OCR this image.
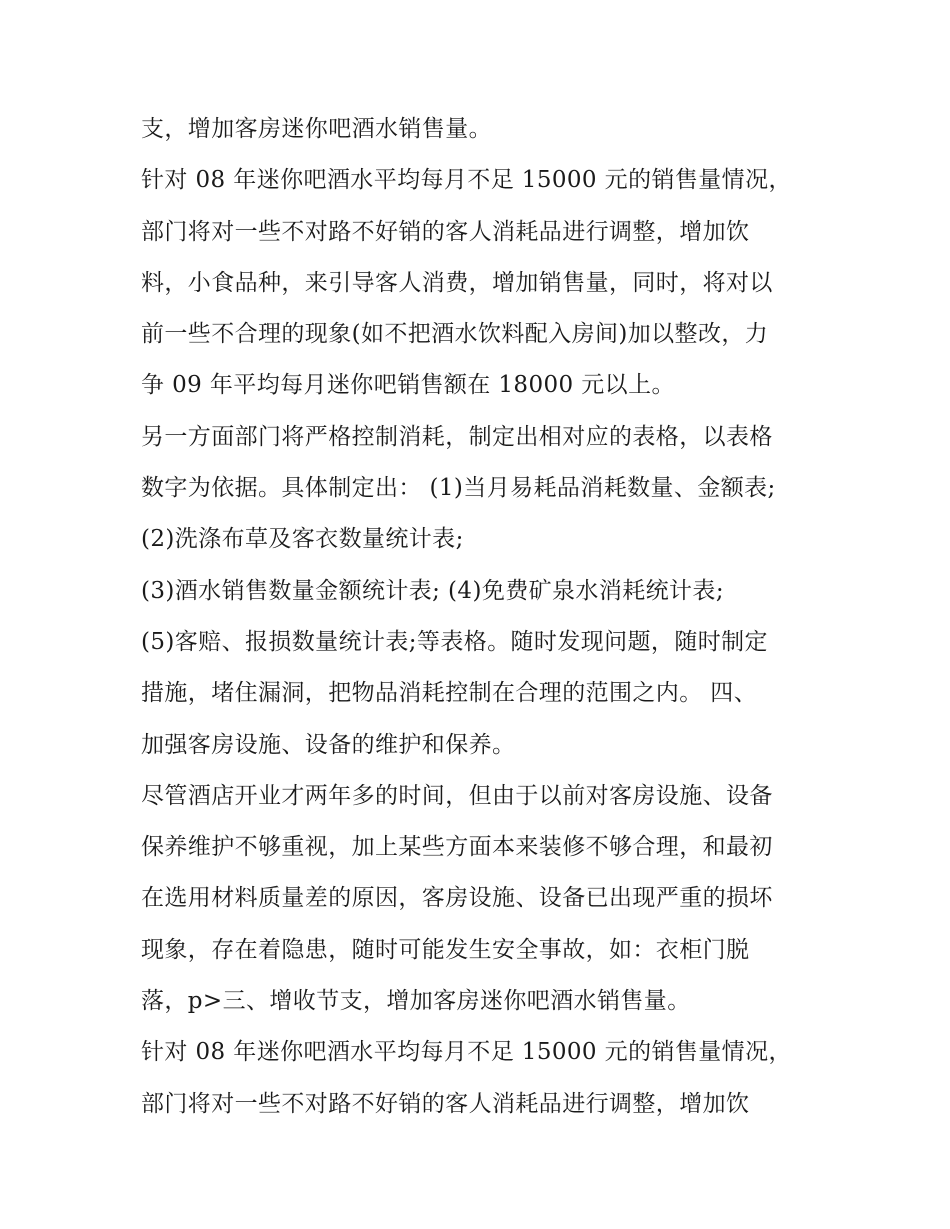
支，增加客房迷你吧酒水销售量。

针对 08 年迷你吧酒水平均每月不足 15000 元的销售量情况，

部门将对一些不对路不好销的客人消耗品进行调整，增加饮

料，小食品种，来引导客人消费，增加销售量，同时，将对以

前一些不合理的现象(如不把酒水饮料配入房间)加以整改，力

争 09 年平均每月迷你吧销售额在 18000 元以上。

另一方面部门将严格控制消耗，制定出相对应的表格，以表格

数字为依据。具体制定出： (1)当月易耗品消耗数量、金额表;

(2)洗涤布草及客衣数量统计表;

(3)酒水销售数量金额统计表; (4)免费矿泉水消耗统计表;

(5)客赔、报损数量统计表;等表格。随时发现问题，随时制定

措施，堵住漏洞，把物品消耗控制在合理的范围之内。 四、

加强客房设施、设备的维护和保养。

尽管酒店开业才两年多的时间，但由于以前对客房设施、设备

保养维护不够重视，加上某些方面本来装修不够合理，和最初

在选用材料质量差的原因，客房设施、设备已出现严重的损坏

现象，存在着隐患，随时可能发生安全事故，如：衣柜门脱

落，p>三、增收节支，增加客房迷你吧酒水销售量。

针对 08 年迷你吧酒水平均每月不足 15000 元的销售量情况，

部门将对一些不对路不好销的客人消耗品进行调整，增加饮
